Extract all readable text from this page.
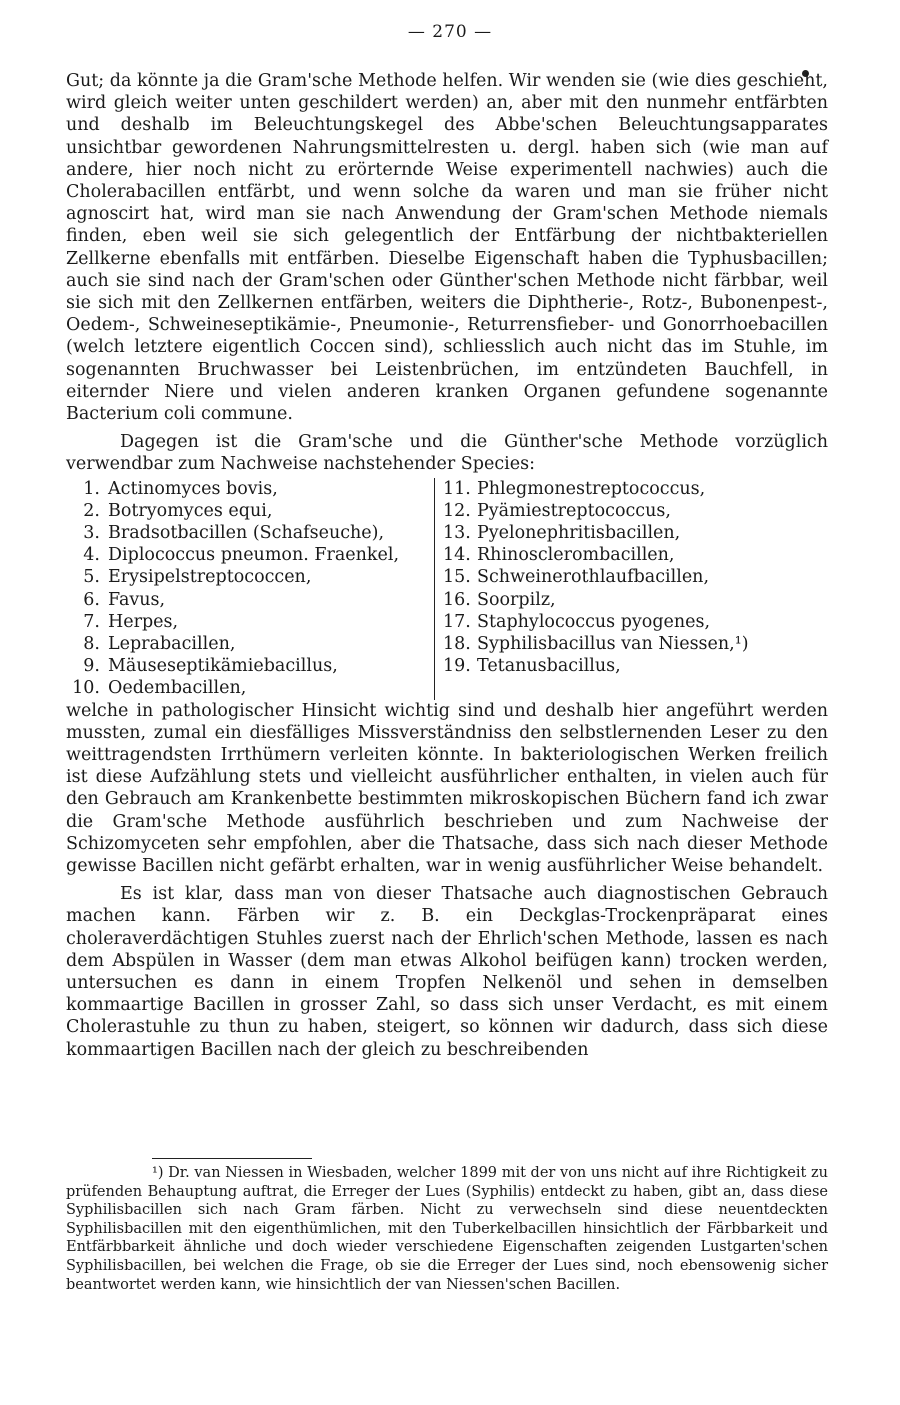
— 270 —

Gut; da könnte ja die Gram'sche Methode helfen. Wir wenden sie (wie dies geschieht, wird gleich weiter unten geschildert werden) an, aber mit den nunmehr entfärbten und deshalb im Beleuchtungskegel des Abbe'schen Beleuchtungsapparates unsichtbar gewordenen Nahrungsmittelresten u. dergl. haben sich (wie man auf andere, hier noch nicht zu erörternde Weise experimentell nachwies) auch die Cholerabacillen entfärbt, und wenn solche da waren und man sie früher nicht agnoscirt hat, wird man sie nach Anwendung der Gram'schen Methode niemals finden, eben weil sie sich gelegentlich der Entfärbung der nichtbakteriellen Zellkerne ebenfalls mit entfärben. Dieselbe Eigenschaft haben die Typhusbacillen; auch sie sind nach der Gram'schen oder Günther'schen Methode nicht färbbar, weil sie sich mit den Zellkernen entfärben, weiters die Diphtherie-, Rotz-, Bubonenpest-, Oedem-, Schweineseptikämie-, Pneumonie-, Returrensfieber- und Gonorrhoebacillen (welch letztere eigentlich Coccen sind), schliesslich auch nicht das im Stuhle, im sogenannten Bruchwasser bei Leistenbrüchen, im entzündeten Bauchfell, in eiternder Niere und vielen anderen kranken Organen gefundene sogenannte Bacterium coli commune.

Dagegen ist die Gram'sche und die Günther'sche Methode vorzüglich verwendbar zum Nachweise nachstehender Species:

1. Actinomyces bovis,
2. Botryomyces equi,
3. Bradsotbacillen (Schafseuche),
4. Diplococcus pneumon. Fraenkel,
5. Erysipelstreptococcen,
6. Favus,
7. Herpes,
8. Leprabacillen,
9. Mäuseseptikämiebacillus,
10. Oedembacillen,
11. Phlegmonestreptococcus,
12. Pyämiestreptococcus,
13. Pyelonephritisbacillen,
14. Rhinosclerombacillen,
15. Schweinerothlaufbacillen,
16. Soorpilz,
17. Staphylococcus pyogenes,
18. Syphilisbacillus van Niessen,¹)
19. Tetanusbacillus,

welche in pathologischer Hinsicht wichtig sind und deshalb hier angeführt werden mussten, zumal ein diesfälliges Missverständniss den selbstlernenden Leser zu den weittragendsten Irrthümern verleiten könnte. In bakteriologischen Werken freilich ist diese Aufzählung stets und vielleicht ausführlicher enthalten, in vielen auch für den Gebrauch am Krankenbette bestimmten mikroskopischen Büchern fand ich zwar die Gram'sche Methode ausführlich beschrieben und zum Nachweise der Schizomyceten sehr empfohlen, aber die Thatsache, dass sich nach dieser Methode gewisse Bacillen nicht gefärbt erhalten, war in wenig ausführlicher Weise behandelt.

Es ist klar, dass man von dieser Thatsache auch diagnostischen Gebrauch machen kann. Färben wir z. B. ein Deckglas-Trockenpräparat eines choleraverdächtigen Stuhles zuerst nach der Ehrlich'schen Methode, lassen es nach dem Abspülen in Wasser (dem man etwas Alkohol beifügen kann) trocken werden, untersuchen es dann in einem Tropfen Nelkenöl und sehen in demselben kommaartige Bacillen in grosser Zahl, so dass sich unser Verdacht, es mit einem Cholerastuhle zu thun zu haben, steigert, so können wir dadurch, dass sich diese kommaartigen Bacillen nach der gleich zu beschreibenden

¹) Dr. van Niessen in Wiesbaden, welcher 1899 mit der von uns nicht auf ihre Richtigkeit zu prüfenden Behauptung auftrat, die Erreger der Lues (Syphilis) entdeckt zu haben, gibt an, dass diese Syphilisbacillen sich nach Gram färben. Nicht zu verwechseln sind diese neuentdeckten Syphilisbacillen mit den eigenthümlichen, mit den Tuberkelbacillen hinsichtlich der Färbbarkeit und Entfärbbarkeit ähnliche und doch wieder verschiedene Eigenschaften zeigenden Lustgarten'schen Syphilisbacillen, bei welchen die Frage, ob sie die Erreger der Lues sind, noch ebensowenig sicher beantwortet werden kann, wie hinsichtlich der van Niessen'schen Bacillen.
